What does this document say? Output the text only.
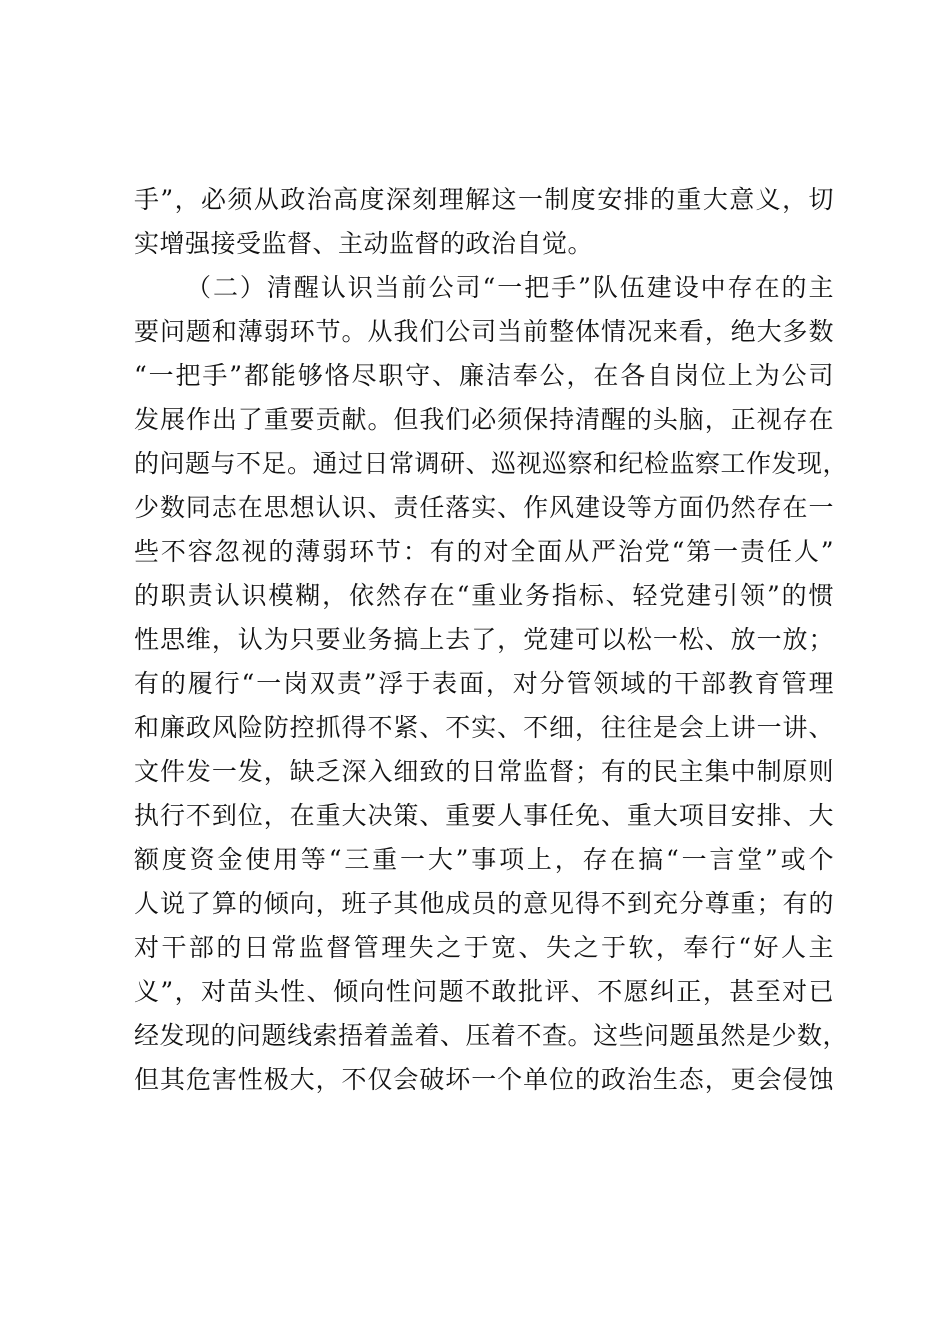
手”，必须从政治高度深刻理解这一制度安排的重大意义，切
实增强接受监督、主动监督的政治自觉。
（二）清醒认识当前公司“一把手”队伍建设中存在的主
要问题和薄弱环节。从我们公司当前整体情况来看，绝大多数
“一把手”都能够恪尽职守、廉洁奉公，在各自岗位上为公司
发展作出了重要贡献。但我们必须保持清醒的头脑，正视存在
的问题与不足。通过日常调研、巡视巡察和纪检监察工作发现，
少数同志在思想认识、责任落实、作风建设等方面仍然存在一
些不容忽视的薄弱环节：有的对全面从严治党“第一责任人”
的职责认识模糊，依然存在“重业务指标、轻党建引领”的惯
性思维，认为只要业务搞上去了，党建可以松一松、放一放；
有的履行“一岗双责”浮于表面，对分管领域的干部教育管理
和廉政风险防控抓得不紧、不实、不细，往往是会上讲一讲、
文件发一发，缺乏深入细致的日常监督；有的民主集中制原则
执行不到位，在重大决策、重要人事任免、重大项目安排、大
额度资金使用等“三重一大”事项上，存在搞“一言堂”或个
人说了算的倾向，班子其他成员的意见得不到充分尊重；有的
对干部的日常监督管理失之于宽、失之于软，奉行“好人主
义”，对苗头性、倾向性问题不敢批评、不愿纠正，甚至对已
经发现的问题线索捂着盖着、压着不查。这些问题虽然是少数，
但其危害性极大，不仅会破坏一个单位的政治生态，更会侵蚀
